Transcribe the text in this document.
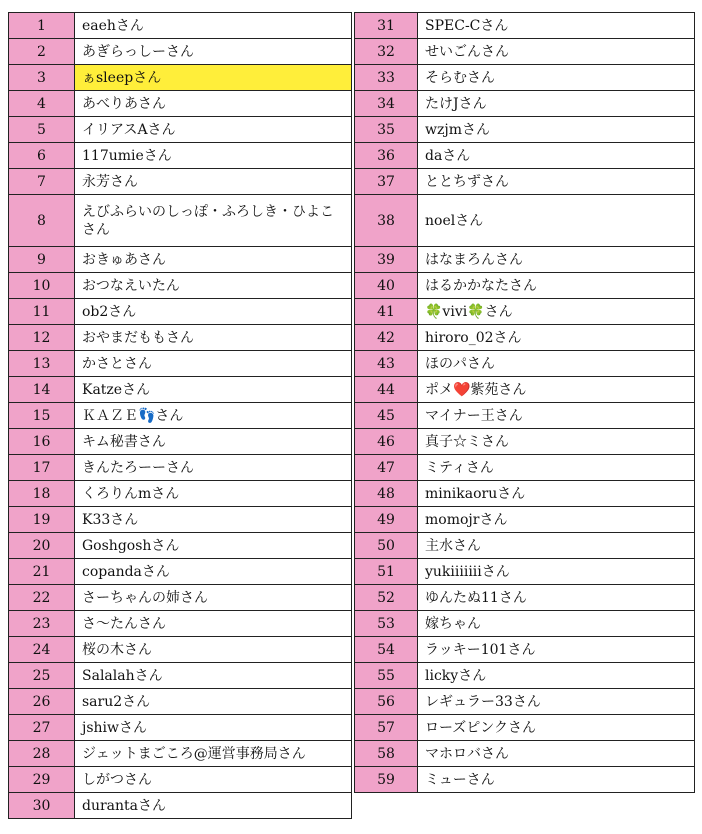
1	eaehさん
2	あぎらっしーさん
3	ぁsleepさん
4	あべりあさん
5	イリアスAさん
6	117umieさん
7	永芳さん
8	えびふらいのしっぽ・ふろしき・ひよこさん
9	おきゅあさん
10	おつなえいたん
11	ob2さん
12	おやまだももさん
13	かさとさん
14	Katzeさん
15	ＫＡＺＥ👣さん
16	キム秘書さん
17	きんたろーーさん
18	くろりんmさん
19	K33さん
20	Goshgoshさん
21	copandaさん
22	さーちゃんの姉さん
23	さ〜たんさん
24	桜の木さん
25	Salalahさん
26	saru2さん
27	jshiwさん
28	ジェットまごころ@運営事務局さん
29	しがつさん
30	durantaさん
31	SPEC-Cさん
32	せいごんさん
33	そらむさん
34	たけJさん
35	wzjmさん
36	daさん
37	ととちずさん
38	noelさん
39	はなまろんさん
40	はるかかなたさん
41	🍀vivi🍀さん
42	hiroro_02さん
43	ほのパさん
44	ポメ❤️紫苑さん
45	マイナー王さん
46	真子☆ミさん
47	ミティさん
48	minikaoruさん
49	momojrさん
50	主水さん
51	yukiiiiiiiさん
52	ゆんたぬ11さん
53	嫁ちゃん
54	ラッキー101さん
55	lickyさん
56	レギュラー33さん
57	ローズピンクさん
58	マホロバさん
59	ミューさん
